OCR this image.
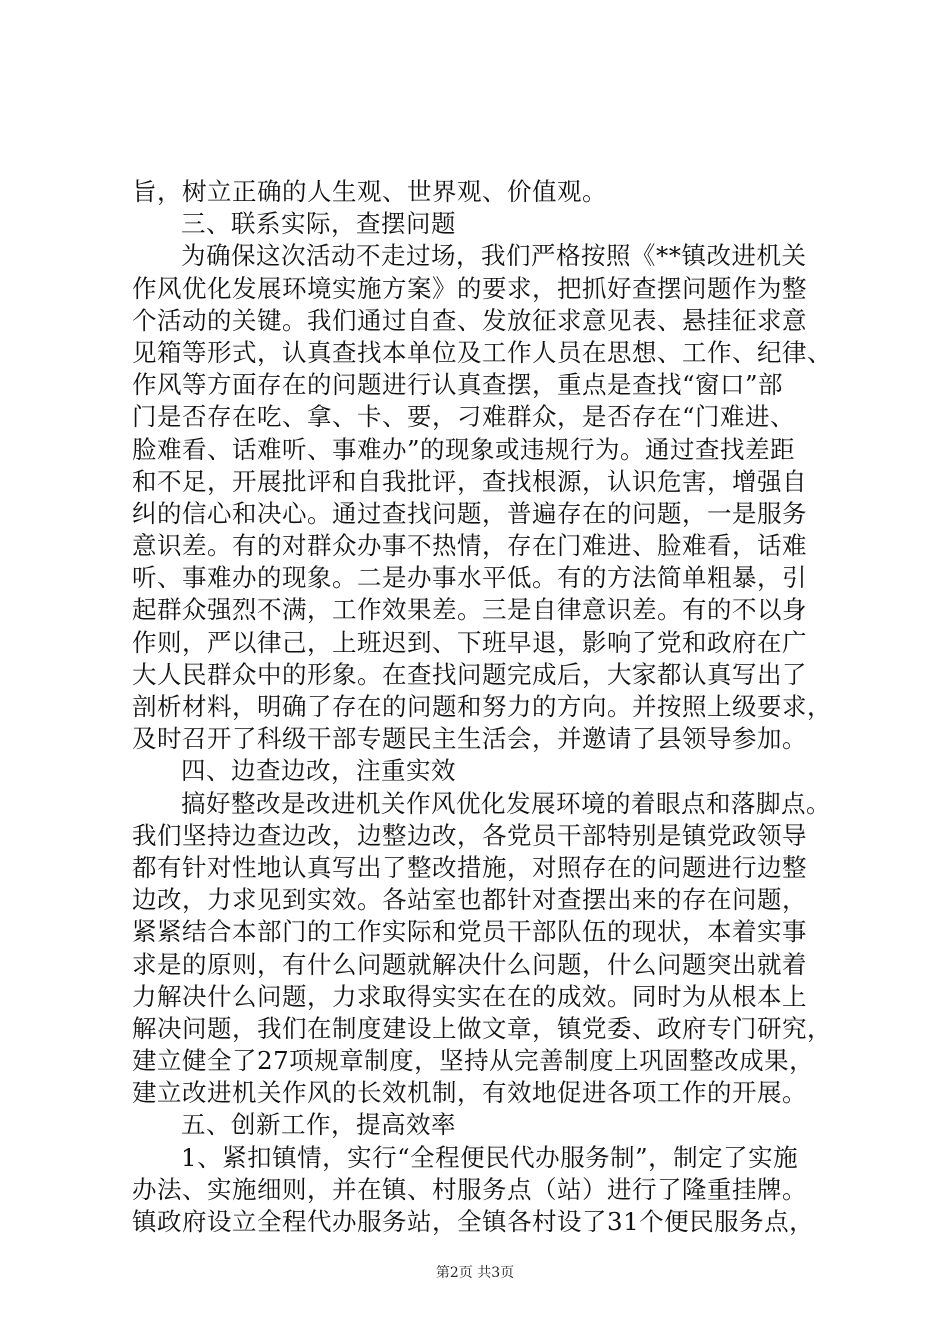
旨，树立正确的人生观、世界观、价值观。
三、联系实际，查摆问题
为确保这次活动不走过场，我们严格按照《**镇改进机关
作风优化发展环境实施方案》的要求，把抓好查摆问题作为整
个活动的关键。我们通过自查、发放征求意见表、悬挂征求意
见箱等形式，认真查找本单位及工作人员在思想、工作、纪律、
作风等方面存在的问题进行认真查摆，重点是查找“窗口”部
门是否存在吃、拿、卡、要，刁难群众，是否存在“门难进、
脸难看、话难听、事难办”的现象或违规行为。通过查找差距
和不足，开展批评和自我批评，查找根源，认识危害，增强自
纠的信心和决心。通过查找问题，普遍存在的问题，一是服务
意识差。有的对群众办事不热情，存在门难进、脸难看，话难
听、事难办的现象。二是办事水平低。有的方法简单粗暴，引
起群众强烈不满，工作效果差。三是自律意识差。有的不以身
作则，严以律己，上班迟到、下班早退，影响了党和政府在广
大人民群众中的形象。在查找问题完成后，大家都认真写出了
剖析材料，明确了存在的问题和努力的方向。并按照上级要求，
及时召开了科级干部专题民主生活会，并邀请了县领导参加。
四、边查边改，注重实效
搞好整改是改进机关作风优化发展环境的着眼点和落脚点。
我们坚持边查边改，边整边改，各党员干部特别是镇党政领导
都有针对性地认真写出了整改措施，对照存在的问题进行边整
边改，力求见到实效。各站室也都针对查摆出来的存在问题，
紧紧结合本部门的工作实际和党员干部队伍的现状，本着实事
求是的原则，有什么问题就解决什么问题，什么问题突出就着
力解决什么问题，力求取得实实在在的成效。同时为从根本上
解决问题，我们在制度建设上做文章，镇党委、政府专门研究，
建立健全了27项规章制度，坚持从完善制度上巩固整改成果，
建立改进机关作风的长效机制，有效地促进各项工作的开展。
五、创新工作，提高效率
1、紧扣镇情，实行“全程便民代办服务制”，制定了实施
办法、实施细则，并在镇、村服务点（站）进行了隆重挂牌。
镇政府设立全程代办服务站，全镇各村设了31个便民服务点，
第2页 共3页
